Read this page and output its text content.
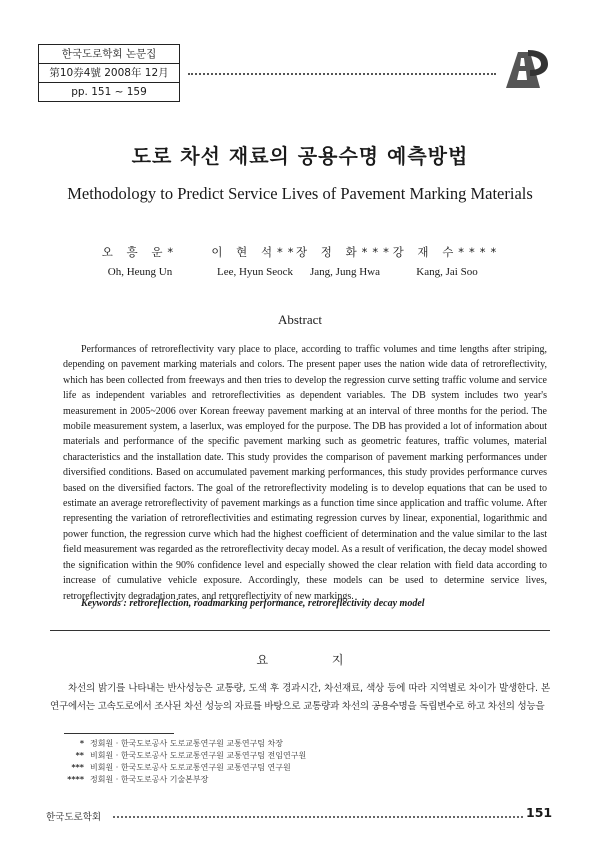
한국도로학회 논문집
第10券4號 2008年 12月
pp. 151 ~ 159
도로 차선 재료의 공용수명 예측방법
Methodology to Predict Service Lives of Pavement Marking Materials
오 흥 운*
Oh, Heung Un
이 현 석**
Lee, Hyun Seock
장 정 화***
Jang, Jung Hwa
강 재 수****
Kang, Jai Soo
Abstract

Performances of retroreflectivity vary place to place, according to traffic volumes and time lengths after striping, depending on pavement marking materials and colors. The present paper uses the nation wide data of retroreflectivity, which has been collected from freeways and then tries to develop the regression curve setting traffic volume and service life as independent variables and retroreflectivities as dependent variables. The DB system includes two year's measurement in 2005~2006 over Korean freeway pavement marking at an interval of three months for the period. The mobile measurement system, a laserlux, was employed for the purpose. The DB has provided a lot of information about materials and performance of the specific pavement marking such as geometric features, traffic volumes, material characteristics and the installation date. This study provides the comparison of pavement marking performances under diversified conditions. Based on accumulated pavement marking performances, this study provides performance curves based on the diversified factors. The goal of the retroreflectivity modeling is to develop equations that can be used to estimate an average retroreflectivity of pavement markings as a function time since application and traffic volume. After representing the variation of retroreflectivities and estimating regression curves by linear, exponential, logarithmic and power function, the regression curve which had the highest coefficient of determination and the value similar to the last field measurement was regarded as the retroreflectivity decay model. As a result of verification, the decay model showed the signification within the 90% confidence level and especially showed the clear relation with field data according to increase of cumulative vehicle exposure. Accordingly, these models can be used to determine service lives, retroreflectivity degradation rates, and retroreflectivity of new markings.

Keywords : retroreflection, roadmarking performance, retroreflectivity decay model

요 지

차선의 밝기를 나타내는 반사성능은 교통량, 도색 후 경과시간, 차선재료, 색상 등에 따라 지역별로 차이가 발생한다. 본 연구에서는 고속도로에서 조사된 차선 성능의 자료를 바탕으로 교통량과 차선의 공용수명을 독립변수로 하고 차선의 성능을

* 정회원 · 한국도로공사 도로교통연구원 교통연구팀 차장
** 비회원 · 한국도로공사 도로교통연구원 교통연구팀 전임연구원
*** 비회원 · 한국도로공사 도로교통연구원 교통연구팀 연구원
**** 정회원 · 한국도로공사 기술본부장
한국도로학회	151
